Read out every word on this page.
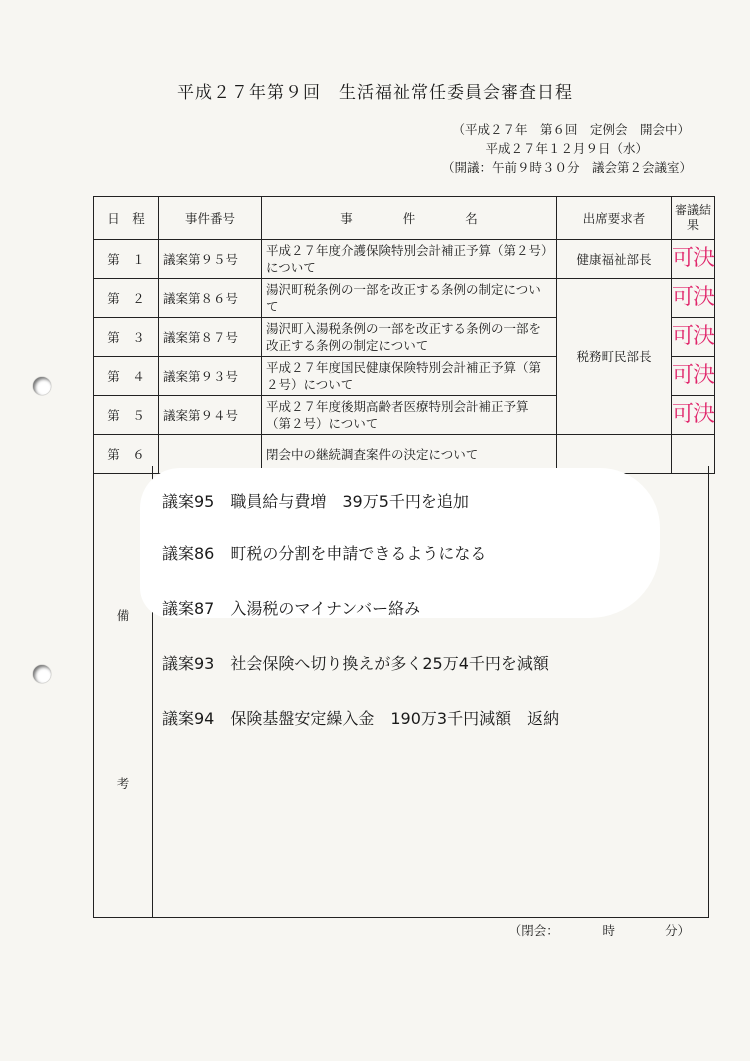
平成２７年第９回　生活福祉常任委員会審査日程
（平成２７年　第６回　定例会　開会中）
平成２７年１２月９日（水）
（開議：午前９時３０分　議会第２会議室）
日　程	事件番号	事　　　　件　　　　名	出席要求者	審議結果
第　１	議案第９５号	平成２７年度介護保険特別会計補正予算（第２号）について	健康福祉部長	可決
第　２	議案第８６号	湯沢町税条例の一部を改正する条例の制定について	税務町民部長	可決
第　３	議案第８７号	湯沢町入湯税条例の一部を改正する条例の一部を改正する条例の制定について		可決
第　４	議案第９３号	平成２７年度国民健康保険特別会計補正予算（第２号）について		可決
第　５	議案第９４号	平成２７年度後期高齢者医療特別会計補正予算（第２号）について		可決
第　６		閉会中の継続調査案件の決定について		
備
考
議案95　職員給与費増　39万5千円を追加
議案86　町税の分割を申請できるようになる
議案87　入湯税のマイナンバー絡み
議案93　社会保険へ切り換えが多く25万4千円を減額
議案94　保険基盤安定繰入金　190万3千円減額　返納
（閉会：　　　　時　　　　分）
